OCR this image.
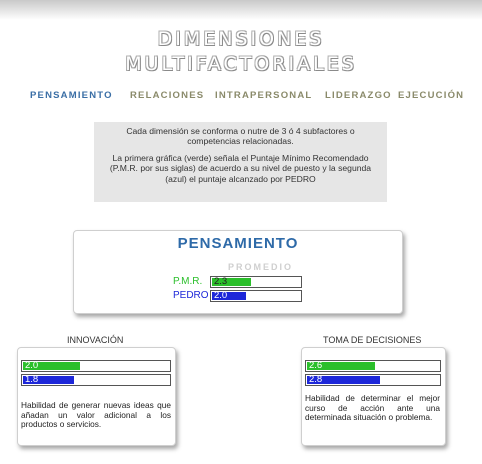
DIMENSIONES
MULTIFACTORIALES
PENSAMIENTO RELACIONES INTRAPERSONAL LIDERAZGO EJECUCIÓN

Cada dimensión se conforma o nutre de 3 ó 4 subfactores o competencias relacionadas.

La primera gráfica (verde) señala el Puntaje Mínimo Recomendado (P.M.R. por sus siglas) de acuerdo a su nivel de puesto y la segunda (azul) el puntaje alcanzado por PEDRO

PENSAMIENTO
PROMEDIO
P.M.R. 2.3
PEDRO 2.0
INNOVACIÓN
2.0
1.8
Habilidad de generar nuevas ideas que añadan un valor adicional a los productos o servicios.
TOMA DE DECISIONES
2.6
2.8
Habilidad de determinar el mejor curso de acción ante una determinada situación o problema.
